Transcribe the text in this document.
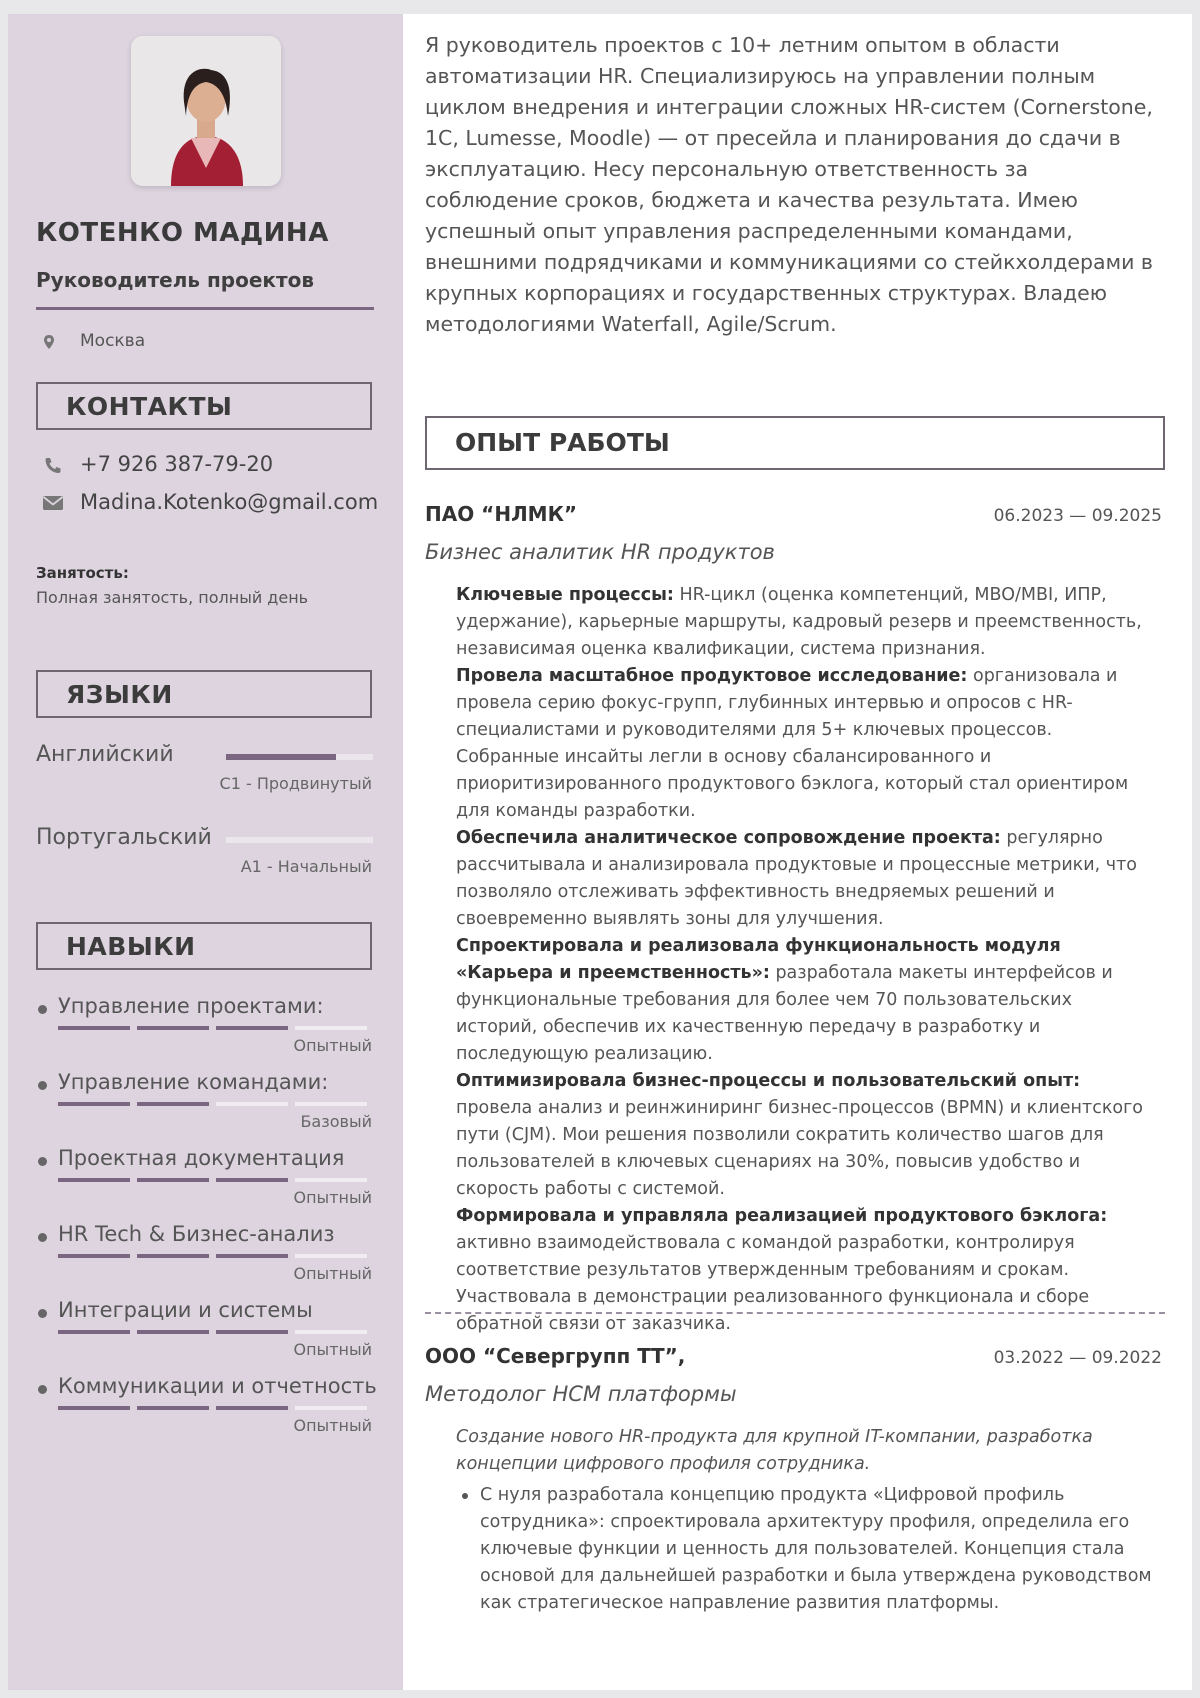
КОТЕНКО МАДИНА
Руководитель проектов
Москва
КОНТАКТЫ
+7 926 387-79-20
Madina.Kotenko@gmail.com
Занятость:
Полная занятость, полный день
ЯЗЫКИ
Английский
C1 - Продвинутый
Португальский
A1 - Начальный
НАВЫКИ
Управление проектами:
Опытный
Управление командами:
Базовый
Проектная документация
Опытный
HR Tech & Бизнес-анализ
Опытный
Интеграции и системы
Опытный
Коммуникации и отчетность
Опытный
Я руководитель проектов с 10+ летним опытом в области автоматизации HR. Специализируюсь на управлении полным циклом внедрения и интеграции сложных HR-систем (Cornerstone, 1С, Lumesse, Moodle) — от пресейла и планирования до сдачи в эксплуатацию. Несу персональную ответственность за соблюдение сроков, бюджета и качества результата. Имею успешный опыт управления распределенными командами, внешними подрядчиками и коммуникациями со стейкхолдерами в крупных корпорациях и государственных структурах. Владею методологиями Waterfall, Agile/Scrum.
ОПЫТ РАБОТЫ
ПАО “НЛМК”	06.2023 — 09.2025
Бизнес аналитик HR продуктов

Ключевые процессы: HR-цикл (оценка компетенций, MBO/MBI, ИПР, удержание), карьерные маршруты, кадровый резерв и преемственность, независимая оценка квалификации, система признания.

Провела масштабное продуктовое исследование: организовала и провела серию фокус-групп, глубинных интервью и опросов с HR-специалистами и руководителями для 5+ ключевых процессов. Собранные инсайты легли в основу сбалансированного и приоритизированного продуктового бэклога, который стал ориентиром для команды разработки.

Обеспечила аналитическое сопровождение проекта: регулярно рассчитывала и анализировала продуктовые и процессные метрики, что позволяло отслеживать эффективность внедряемых решений и своевременно выявлять зоны для улучшения.

Спроектировала и реализовала функциональность модуля «Карьера и преемственность»: разработала макеты интерфейсов и функциональные требования для более чем 70 пользовательских историй, обеспечив их качественную передачу в разработку и последующую реализацию.

Оптимизировала бизнес-процессы и пользовательский опыт: провела анализ и реинжиниринг бизнес-процессов (BPMN) и клиентского пути (CJM). Мои решения позволили сократить количество шагов для пользователей в ключевых сценариях на 30%, повысив удобство и скорость работы с системой.

Формировала и управляла реализацией продуктового бэклога: активно взаимодействовала с командой разработки, контролируя соответствие результатов утвержденным требованиям и срокам. Участвовала в демонстрации реализованного функционала и сборе обратной связи от заказчика.

ООО “Севергрупп ТТ”,	03.2022 — 09.2022
Методолог HCM платформы
Создание нового HR-продукта для крупной IT-компании, разработка концепции цифрового профиля сотрудника.
С нуля разработала концепцию продукта «Цифровой профиль сотрудника»: спроектировала архитектуру профиля, определила его ключевые функции и ценность для пользователей. Концепция стала основой для дальнейшей разработки и была утверждена руководством как стратегическое направление развития платформы.
